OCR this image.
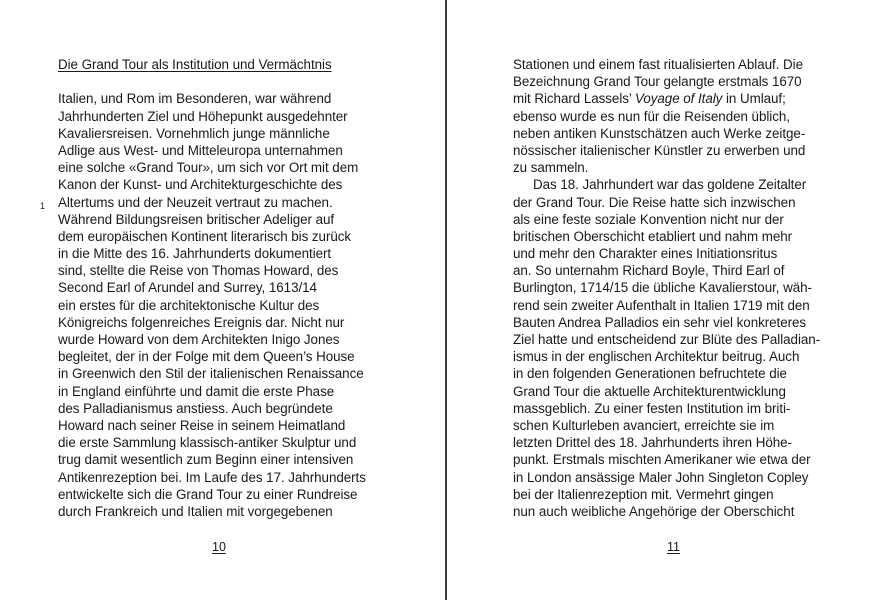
1
Die Grand Tour als Institution und Vermächtnis
Italien, und Rom im Besonderen, war während
Jahrhunderten Ziel und Höhepunkt ausgedehnter
Kavaliersreisen. Vornehmlich junge männliche
Adlige aus West- und Mitteleuropa unternahmen
eine solche «Grand Tour», um sich vor Ort mit dem
Kanon der Kunst- und Architekturgeschichte des
Altertums und der Neuzeit vertraut zu machen.
Während Bildungsreisen britischer Adeliger auf
dem europäischen Kontinent literarisch bis zurück
in die Mitte des 16. Jahrhunderts dokumentiert
sind, stellte die Reise von Thomas Howard, des
Second Earl of Arundel and Surrey, 1613/14
ein erstes für die architektonische Kultur des
Königreichs folgenreiches Ereignis dar. Nicht nur
wurde Howard von dem Architekten Inigo Jones
begleitet, der in der Folge mit dem Queen’s House
in Greenwich den Stil der italienischen Renaissance
in England einführte und damit die erste Phase
des Palladianismus anstiess. Auch begründete
Howard nach seiner Reise in seinem Heimatland
die erste Sammlung klassisch-antiker Skulptur und
trug damit wesentlich zum Beginn einer intensiven
Antikenrezeption bei. Im Laufe des 17. Jahrhunderts
entwickelte sich die Grand Tour zu einer Rundreise
durch Frankreich und Italien mit vorgegebenen
10
Stationen und einem fast ritualisierten Ablauf. Die
Bezeichnung Grand Tour gelangte erstmals 1670
mit Richard Lassels’ Voyage of Italy in Umlauf;
ebenso wurde es nun für die Reisenden üblich,
neben antiken Kunstschätzen auch Werke zeitge-
nössischer italienischer Künstler zu erwerben und
zu sammeln.
Das 18. Jahrhundert war das goldene Zeitalter
der Grand Tour. Die Reise hatte sich inzwischen
als eine feste soziale Konvention nicht nur der
britischen Oberschicht etabliert und nahm mehr
und mehr den Charakter eines Initiationsritus
an. So unternahm Richard Boyle, Third Earl of
Burlington, 1714/15 die übliche Kavalierstour, wäh-
rend sein zweiter Aufenthalt in Italien 1719 mit den
Bauten Andrea Palladios ein sehr viel konkreteres
Ziel hatte und entscheidend zur Blüte des Palladian-
ismus in der englischen Architektur beitrug. Auch
in den folgenden Generationen befruchtete die
Grand Tour die aktuelle Architekturentwicklung
massgeblich. Zu einer festen Institution im briti-
schen Kulturleben avanciert, erreichte sie im
letzten Drittel des 18. Jahrhunderts ihren Höhe-
punkt. Erstmals mischten Amerikaner wie etwa der
in London ansässige Maler John Singleton Copley
bei der Italienrezeption mit. Vermehrt gingen
nun auch weibliche Angehörige der Oberschicht
11
